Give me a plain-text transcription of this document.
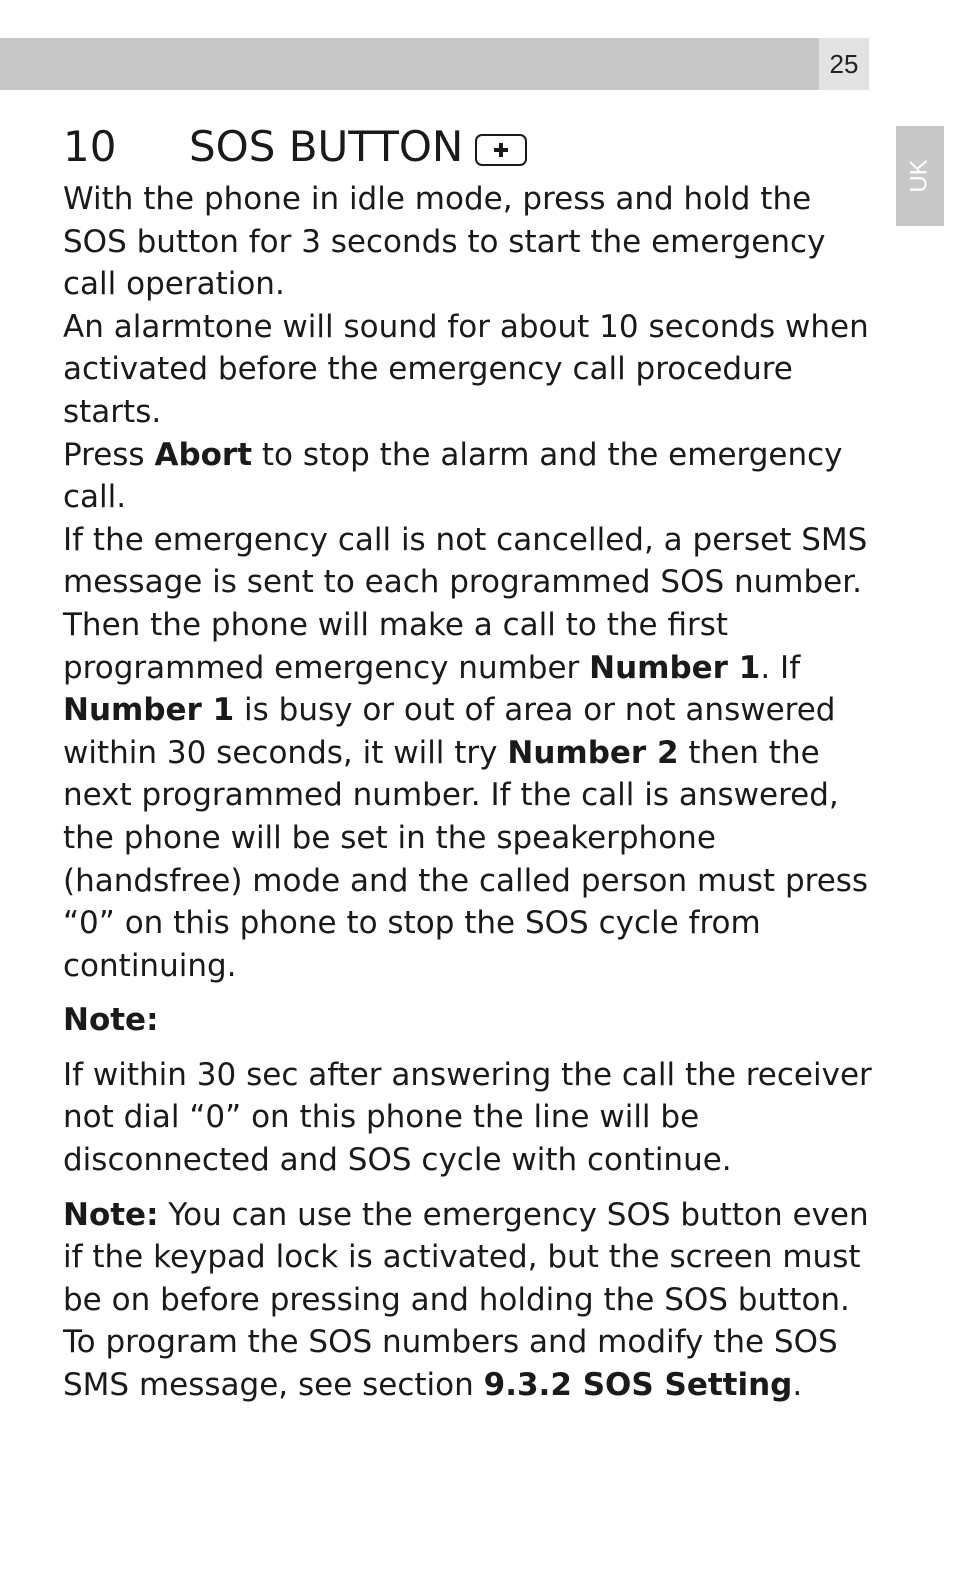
25
UK
10	SOS BUTTON

With the phone in idle mode, press and hold the SOS button for 3 seconds to start the emergency call operation.

An alarmtone will sound for about 10 seconds when activated before the emergency call procedure starts.

Press Abort to stop the alarm and the emergency call.

If the emergency call is not cancelled, a perset SMS message is sent to each programmed SOS number. Then the phone will make a call to the first programmed emergency number Number 1. If Number 1 is busy or out of area or not answered within 30 seconds, it will try Number 2 then the next programmed number. If the call is answered, the phone will be set in the speakerphone (handsfree) mode and the called person must press “0” on this phone to stop the SOS cycle from continuing.

Note:

If within 30 sec after answering the call the receiver not dial “0” on this phone the line will be disconnected and SOS cycle with continue.

Note: You can use the emergency SOS button even if the keypad lock is activated, but the screen must be on before pressing and holding the SOS button. To program the SOS numbers and modify the SOS SMS message, see section 9.3.2 SOS Setting.
